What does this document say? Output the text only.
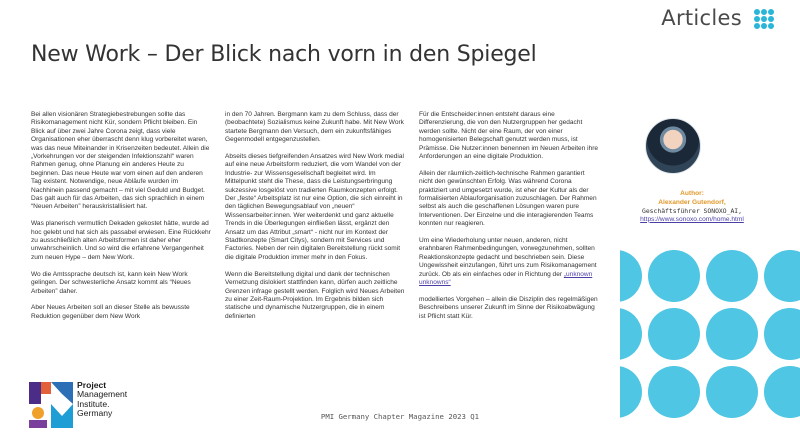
Articles
New Work – Der Blick nach vorn in den Spiegel

Bei allen visionären Strategiebestrebungen sollte das Risikomanagement nicht Kür, sondern Pflicht bleiben. Ein Blick auf über zwei Jahre Corona zeigt, dass viele Organisationen eher überrascht denn klug vorbereitet waren, was das neue Miteinander in Krisenzeiten bedeutet. Allein die „Vorkehrungen vor der steigenden Infektionszahl“ waren Rahmen genug, ohne Planung ein anderes Heute zu beginnen. Das neue Heute war vom einen auf den anderen Tag existent. Notwendige, neue Abläufe wurden im Nachhinein passend gemacht – mit viel Geduld und Budget. Das galt auch für das Arbeiten, das sich sprachlich in einem “Neuen Arbeiten” herauskristallisiert hat.

Was planerisch vermutlich Dekaden gekostet hätte, wurde ad hoc gelebt und hat sich als passabel erwiesen. Eine Rückkehr zu ausschließlich alten Arbeitsformen ist daher eher unwahrscheinlich. Und so wird die erfahrene Vergangenheit zum neuen Hype – dem New Work.

Wo die Amtssprache deutsch ist, kann kein New Work gelingen. Der schwesterliche Ansatz kommt als “Neues Arbeiten” daher.

Aber Neues Arbeiten soll an dieser Stelle als bewusste Reduktion gegenüber dem New Work

in den 70 Jahren. Bergmann kam zu dem Schluss, dass der (beobachtete) Sozialismus keine Zukunft habe. Mit New Work startete Bergmann den Versuch, dem ein zukunftsfähiges Gegenmodell entgegenzustellen.

Abseits dieses tiefgreifenden Ansatzes wird New Work medial auf eine neue Arbeitsform reduziert, die vom Wandel von der Industrie- zur Wissensgesellschaft begleitet wird. Im Mittelpunkt steht die These, dass die Leistungserbringung sukzessive losgelöst von tradierten Raumkonzepten erfolgt. Der „feste“ Arbeitsplatz ist nur eine Option, die sich einreiht in den täglichen Bewegungsablauf von „neuen“ Wissensarbeiter:innen. Wer weiterdenkt und ganz aktuelle Trends in die Überlegungen einfließen lässt, ergänzt den Ansatz um das Attribut „smart“ - nicht nur im Kontext der Stadtkonzepte (Smart Citys), sondern mit Services und Factories. Neben der rein digitalen Bereitstellung rückt somit die digitale Produktion immer mehr in den Fokus.

Wenn die Bereitstellung digital und dank der technischen Vernetzung dislokiert stattfinden kann, dürfen auch zeitliche Grenzen infrage gestellt werden. Folglich wird Neues Arbeiten zu einer Zeit-Raum-Projektion. Im Ergebnis bilden sich statische und dynamische Nutzergruppen, die in einem definierten

Für die Entscheider:innen entsteht daraus eine Differenzierung, die von den Nutzergruppen her gedacht werden sollte. Nicht der eine Raum, der von einer homogenisierten Belegschaft genutzt werden muss, ist Prämisse. Die Nutzer:innen benennen im Neuen Arbeiten ihre Anforderungen an eine digitale Produktion.

Allein der räumlich-zeitlich-technische Rahmen garantiert nicht den gewünschten Erfolg. Was während Corona praktiziert und umgesetzt wurde, ist eher der Kultur als der formalisierten Ablauforganisation zuzuschlagen. Der Rahmen selbst als auch die geschaffenen Lösungen waren pure Interventionen. Der Einzelne und die interagierenden Teams konnten nur reagieren.

Um eine Wiederholung unter neuen, anderen, nicht erahnbaren Rahmenbedingungen, vorwegzunehmen, sollten Reaktionskonzepte gedacht und beschrieben sein. Diese Ungewissheit einzufangen, führt uns zum Risikomanagement zurück. Ob als ein einfaches oder in Richtung der „unknown unknowns“

modelliertes Vorgehen – allein die Disziplin des regelmäßigen Beschreibens unserer Zukunft im Sinne der Risikoabwägung ist Pflicht statt Kür.

Author:
Alexander Gutendorf,
Geschäftsführer SONOXO_AI,
https://www.sonoxo.com/home.html
Project
Management
Institute.
Germany	PMI Germany Chapter Magazine 2023 Q1
